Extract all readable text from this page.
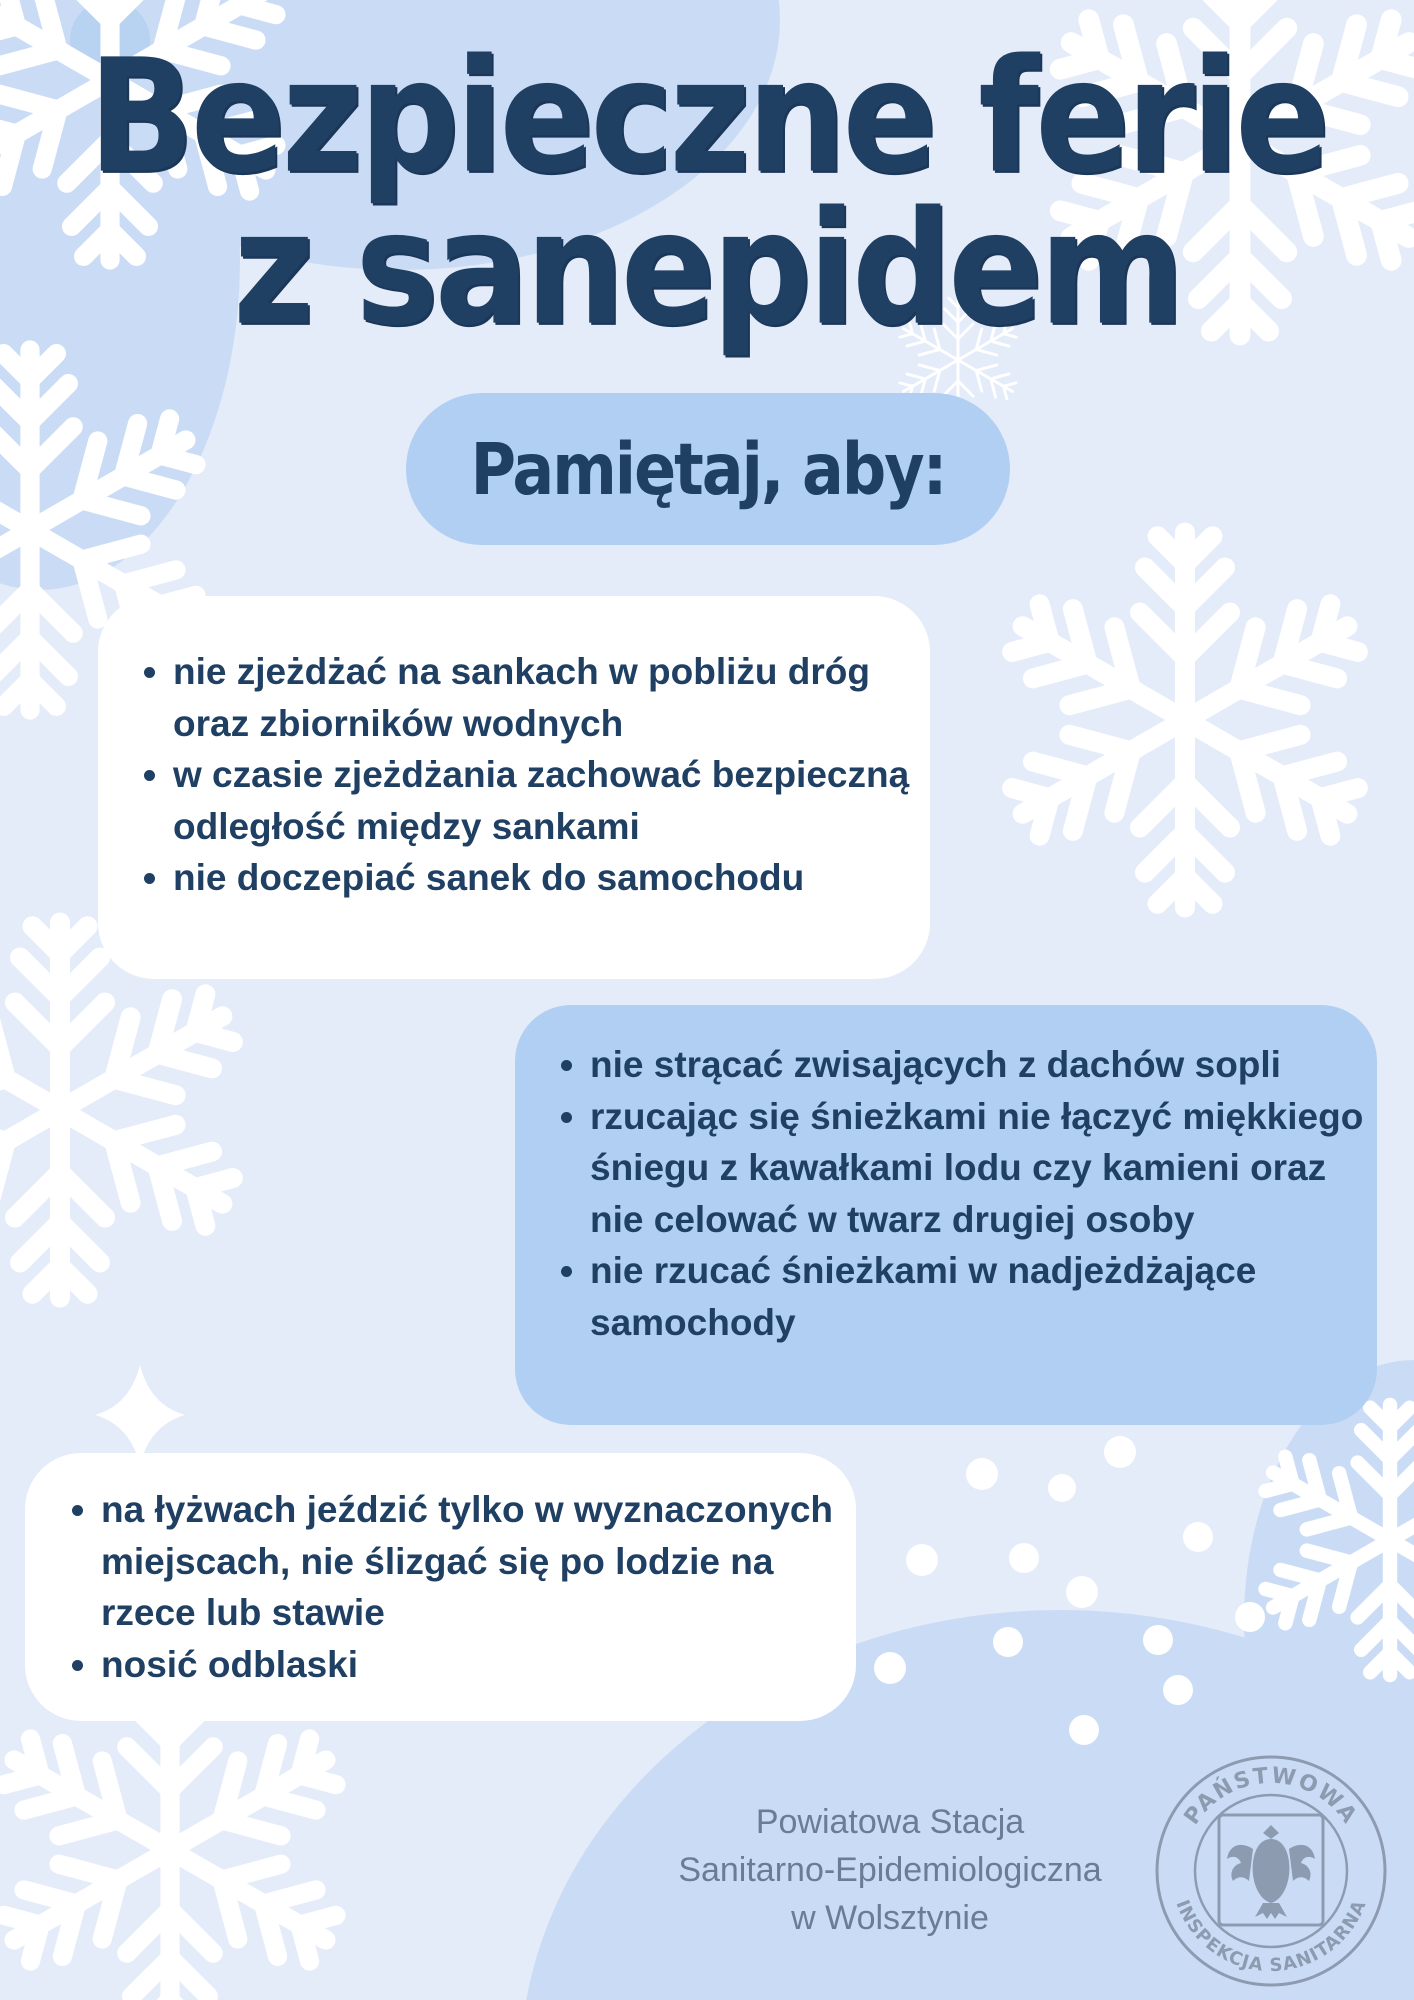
Bezpieczne ferie
z sanepidem
Pamiętaj, aby:
• nie zjeżdżać na sankach w pobliżu dróg oraz zbiorników wodnych
• w czasie zjeżdżania zachować bezpieczną odległość między sankami
• nie doczepiać sanek do samochodu
• nie strącać zwisających z dachów sopli
• rzucając się śnieżkami nie łączyć miękkiego śniegu z kawałkami lodu czy kamieni oraz nie celować w twarz drugiej osoby
• nie rzucać śnieżkami w nadjeżdżające samochody
• na łyżwach jeździć tylko w wyznaczonych miejscach, nie ślizgać się po lodzie na rzece lub stawie
• nosić odblaski
Powiatowa Stacja
Sanitarno-Epidemiologiczna
w Wolsztynie
PAŃSTWOWA
INSPEKCJA SANITARNA
